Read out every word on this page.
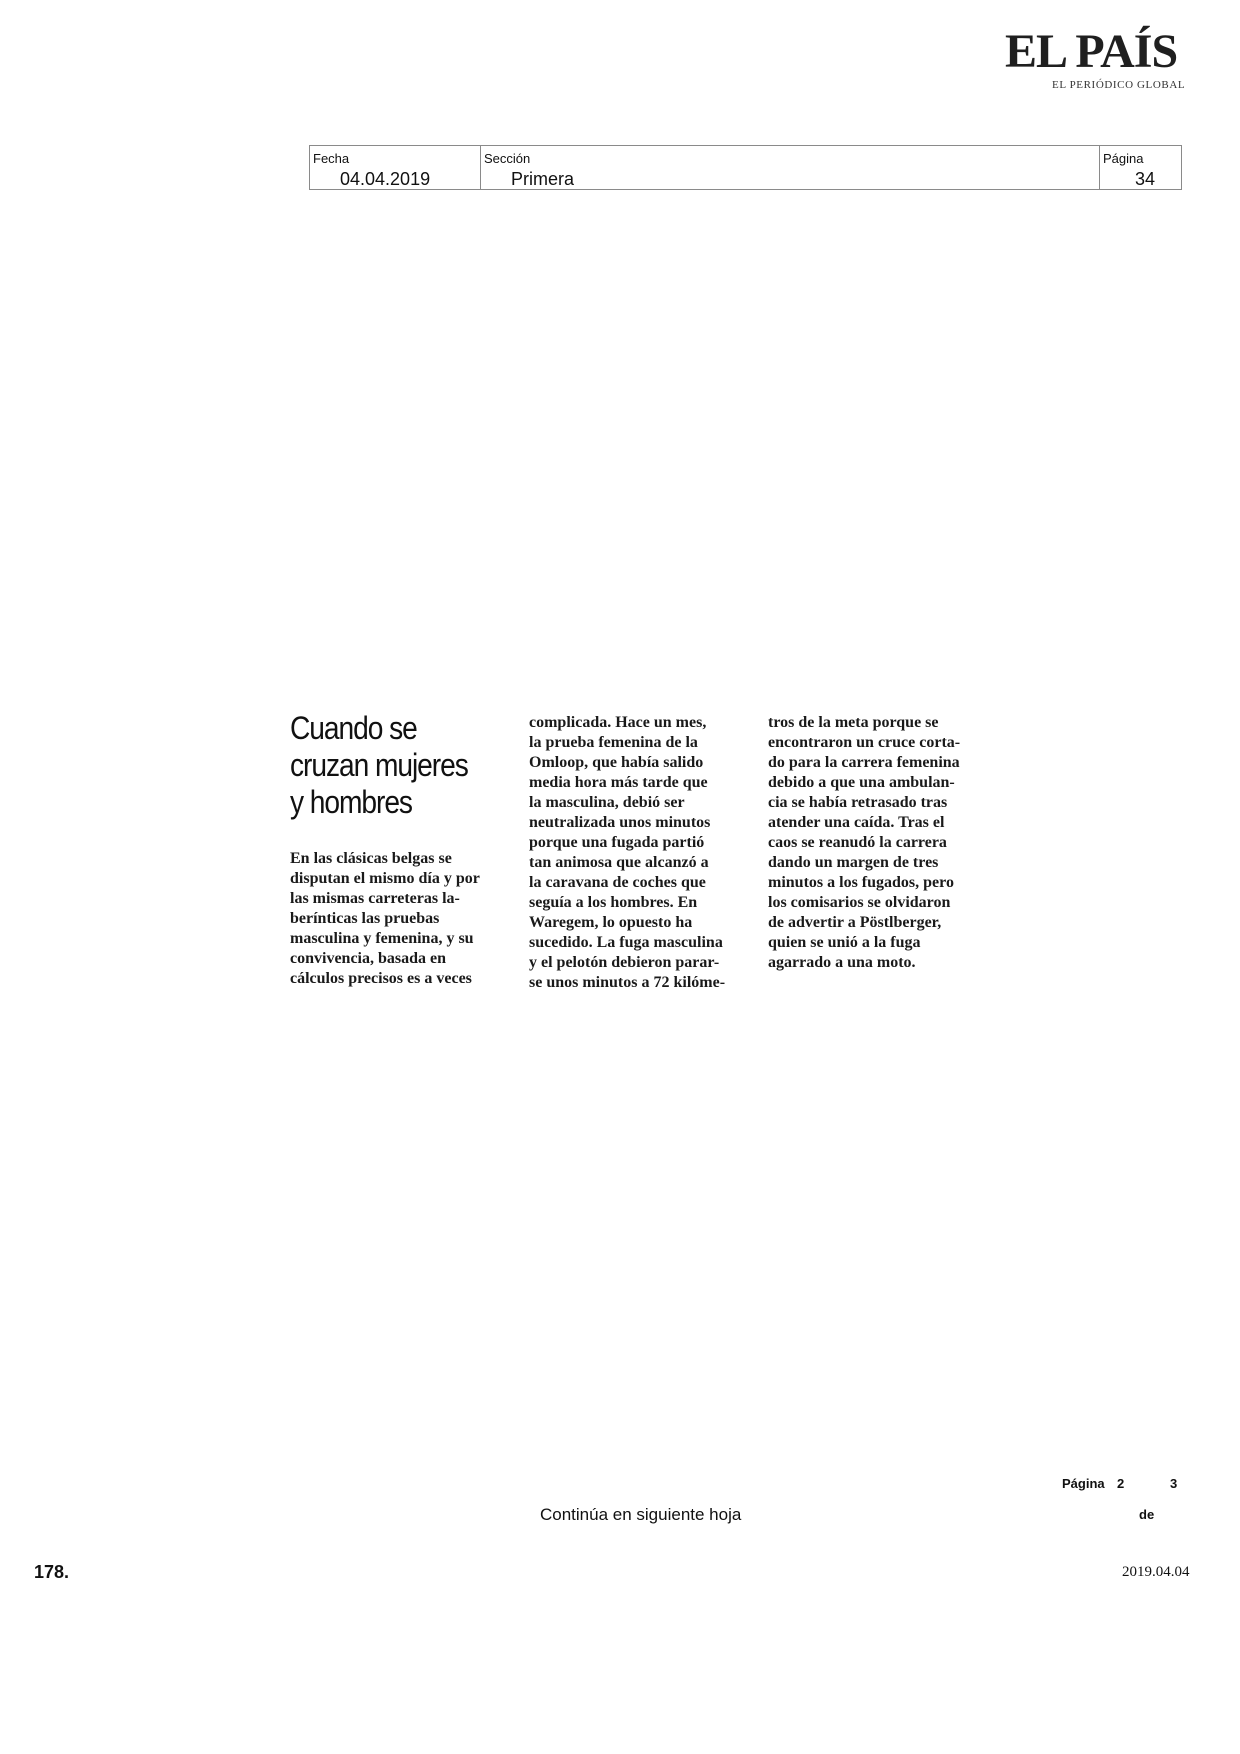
EL PAÍS
EL PERIÓDICO GLOBAL
Fecha
04.04.2019
Sección
Primera
Página
34
Cuando se
cruzan mujeres
y hombres

En las clásicas belgas se
disputan el mismo día y por
las mismas carreteras la-
berínticas las pruebas
masculina y femenina, y su
convivencia, basada en
cálculos precisos es a veces

complicada. Hace un mes,
la prueba femenina de la
Omloop, que había salido
media hora más tarde que
la masculina, debió ser
neutralizada unos minutos
porque una fugada partió
tan animosa que alcanzó a
la caravana de coches que
seguía a los hombres. En
Waregem, lo opuesto ha
sucedido. La fuga masculina
y el pelotón debieron parar-
se unos minutos a 72 kilóme-

tros de la meta porque se
encontraron un cruce corta-
do para la carrera femenina
debido a que una ambulan-
cia se había retrasado tras
atender una caída. Tras el
caos se reanudó la carrera
dando un margen de tres
minutos a los fugados, pero
los comisarios se olvidaron
de advertir a Pöstlberger,
quien se unió a la fuga
agarrado a una moto.

Página 2	3
de
Continúa en siguiente hoja
178.	2019.04.04
